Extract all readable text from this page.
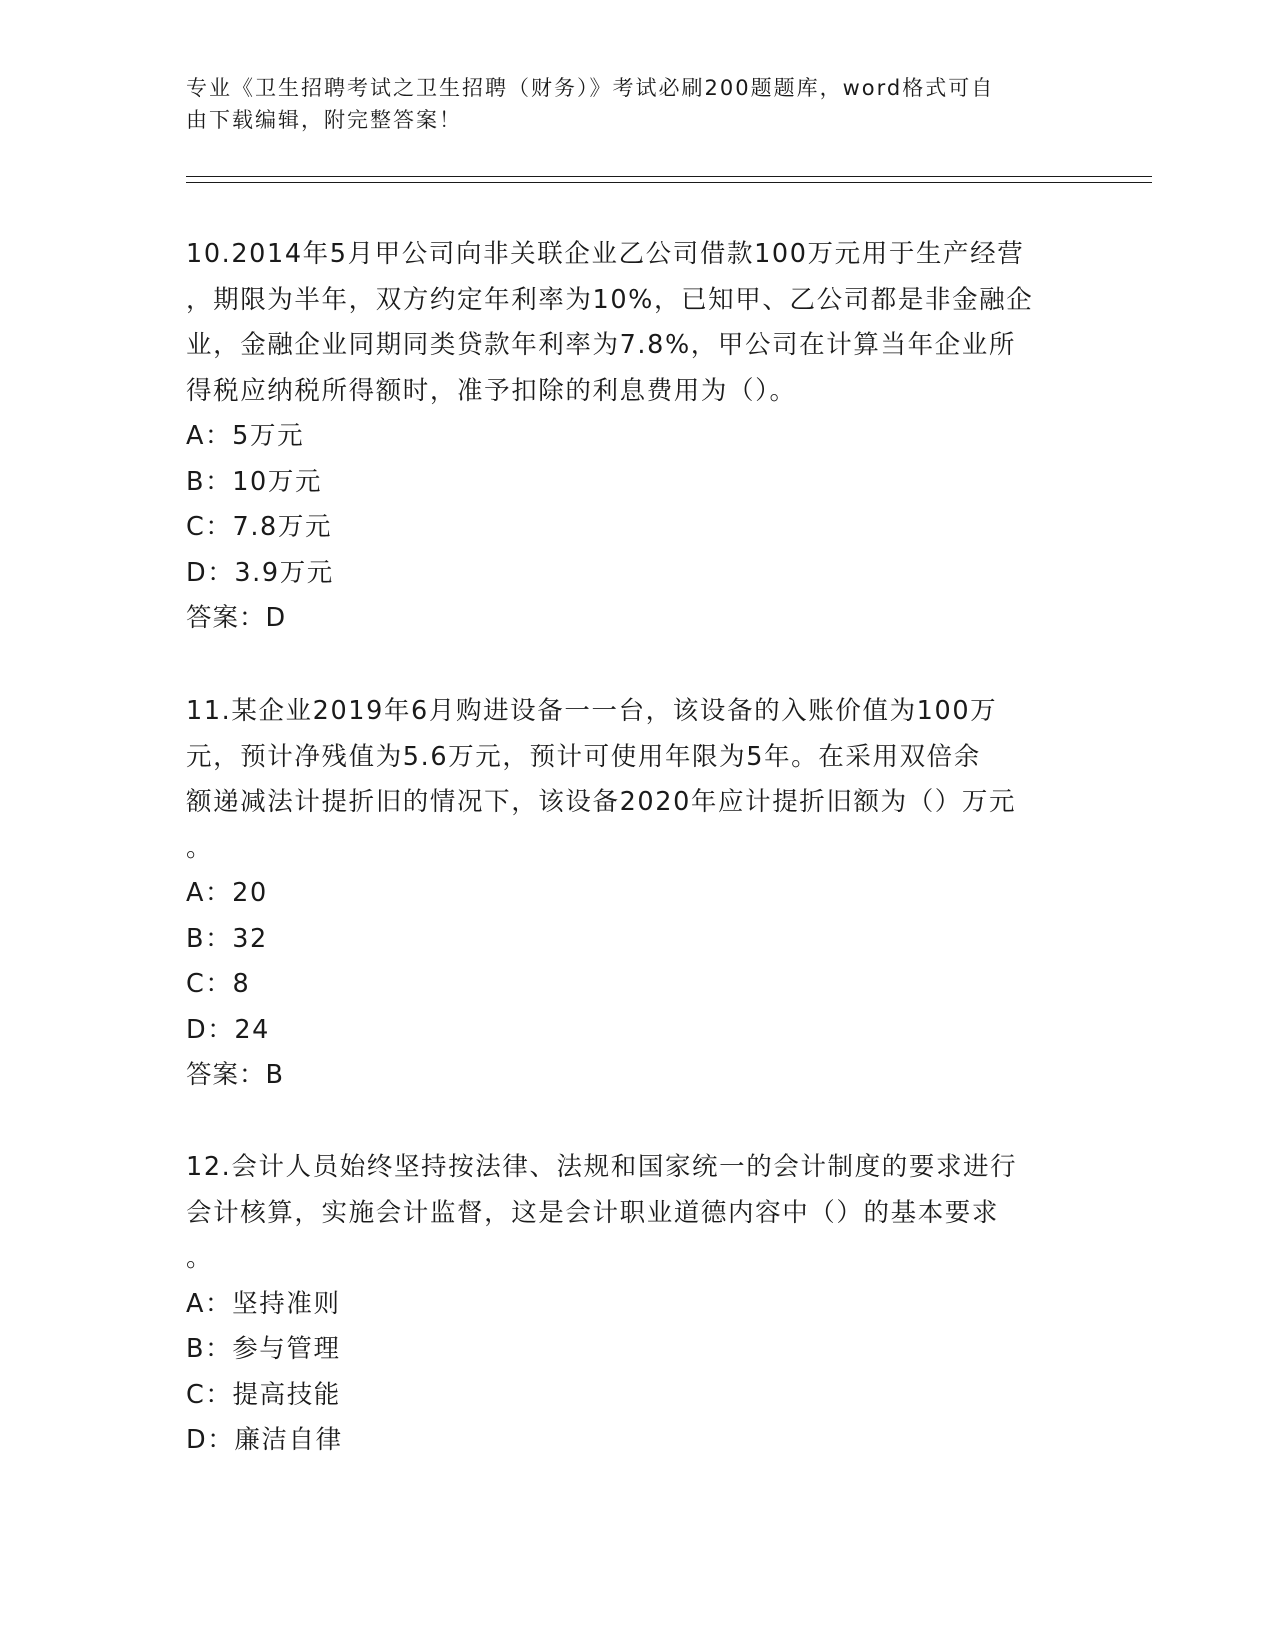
专业《卫生招聘考试之卫生招聘（财务）》考试必刷200题题库，word格式可自
由下载编辑，附完整答案！
10.2014年5月甲公司向非关联企业乙公司借款100万元用于生产经营
，期限为半年，双方约定年利率为10%，已知甲、乙公司都是非金融企
业，金融企业同期同类贷款年利率为7.8%，甲公司在计算当年企业所
得税应纳税所得额时，准予扣除的利息费用为（）。
A：5万元
B：10万元
C：7.8万元
D：3.9万元
答案：D
11.某企业2019年6月购进设备一一台，该设备的入账价值为100万
元，预计净残值为5.6万元，预计可使用年限为5年。在采用双倍余
额递减法计提折旧的情况下，该设备2020年应计提折旧额为（）万元
。
A：20
B：32
C：8
D：24
答案：B
12.会计人员始终坚持按法律、法规和国家统一的会计制度的要求进行
会计核算，实施会计监督，这是会计职业道德内容中（）的基本要求
。
A：坚持准则
B：参与管理
C：提高技能
D：廉洁自律
